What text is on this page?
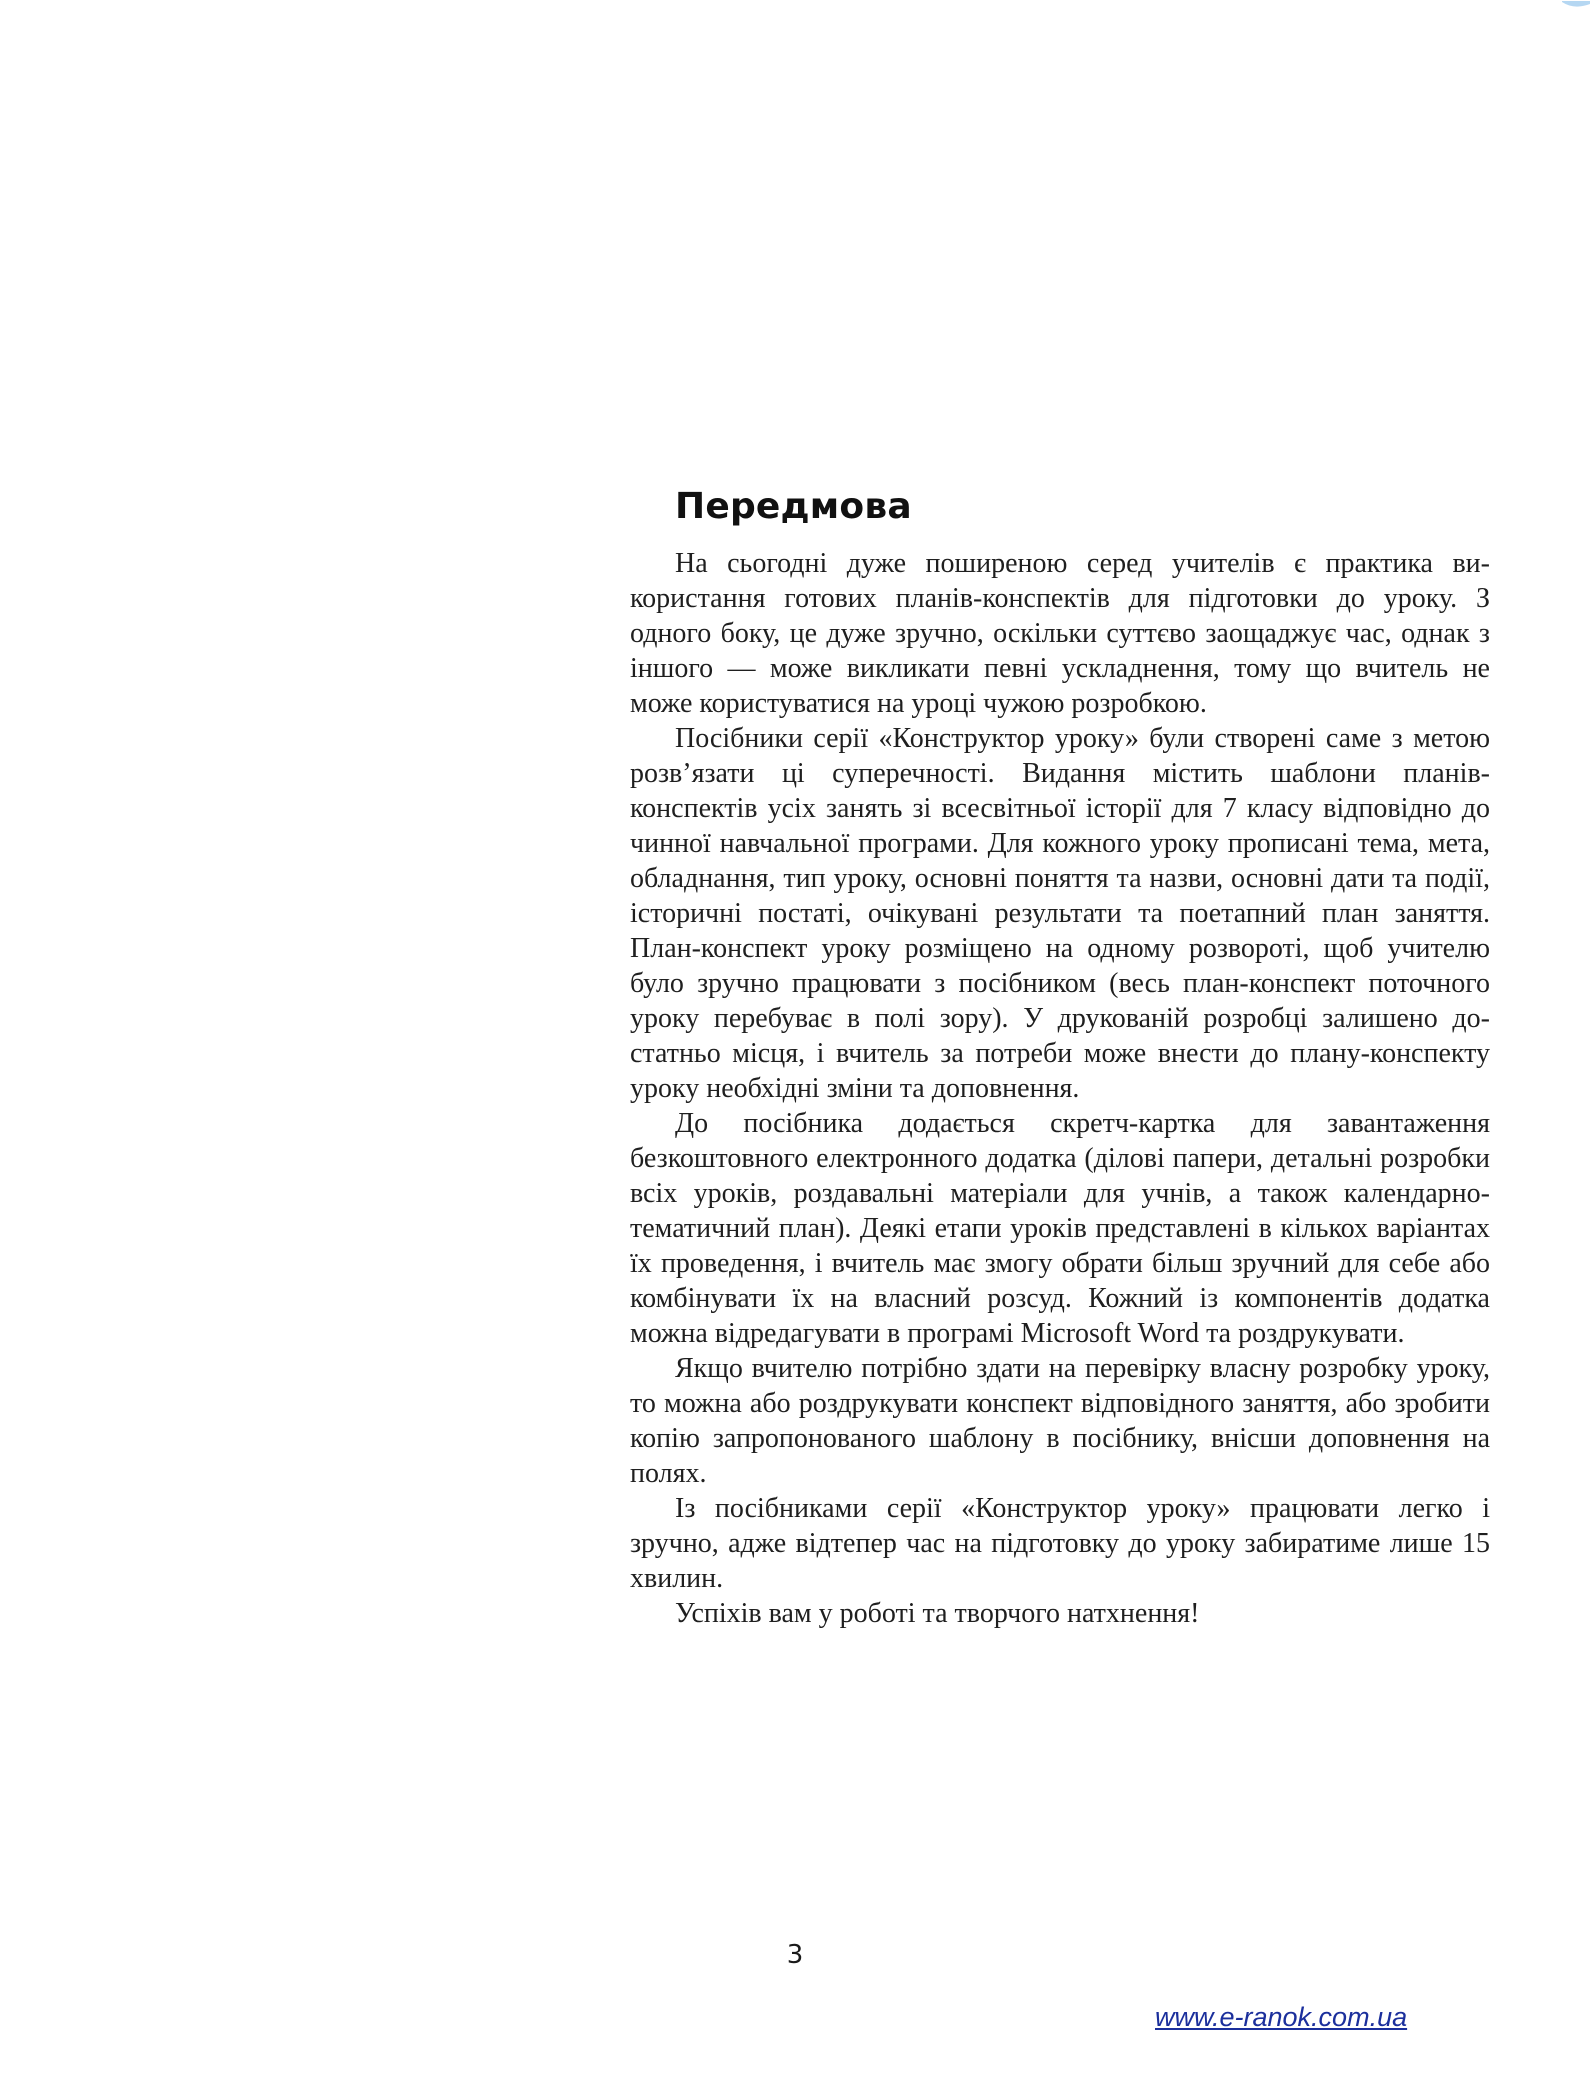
Передмова

На сьогодні дуже поширеною серед учителів є практика використання готових планів-конспектів для підготовки до уроку. З одного боку, це дуже зручно, оскільки суттєво заощаджує час, однак з іншого — може викликати певні ускладнення, тому що вчитель не може користуватися на уроці чужою розробкою.

Посібники серії «Конструктор уроку» були створені саме з метою розв’язати ці суперечності. Видання містить шаблони планів-конспектів усіх занять зі всесвітньої історії для 7 класу відповідно до чинної навчальної програми. Для кожного уроку прописані тема, мета, обладнання, тип уроку, основні поняття та назви, основні дати та події, історичні постаті, очікувані результати та поетапний план заняття. План-конспект уроку розміщено на одному розвороті, щоб учителю було зручно працювати з посібником (весь план-конспект поточного уроку перебуває в полі зору). У друкованій розробці залишено достатньо місця, і вчитель за потреби може внести до плану-конспекту уроку необхідні зміни та доповнення.

До посібника додається скретч-картка для завантаження безкоштовного електронного додатка (ділові папери, детальні розробки всіх уроків, роздавальні матеріали для учнів, а також календарно-тематичний план). Деякі етапи уроків представлені в кількох варіантах їх проведення, і вчитель має змогу обрати більш зручний для себе або комбінувати їх на власний розсуд. Кожний із компонентів додатка можна відредагувати в програмі Microsoft Word та роздрукувати.

Якщо вчителю потрібно здати на перевірку власну розробку уроку, то можна або роздрукувати конспект відповідного заняття, або зробити копію запропонованого шаблону в посібнику, внісши доповнення на полях.

Із посібниками серії «Конструктор уроку» працювати легко і зручно, адже відтепер час на підготовку до уроку забиратиме лише 15 хвилин.

Успіхів вам у роботі та творчого натхнення!

3
www.e-ranok.com.ua
